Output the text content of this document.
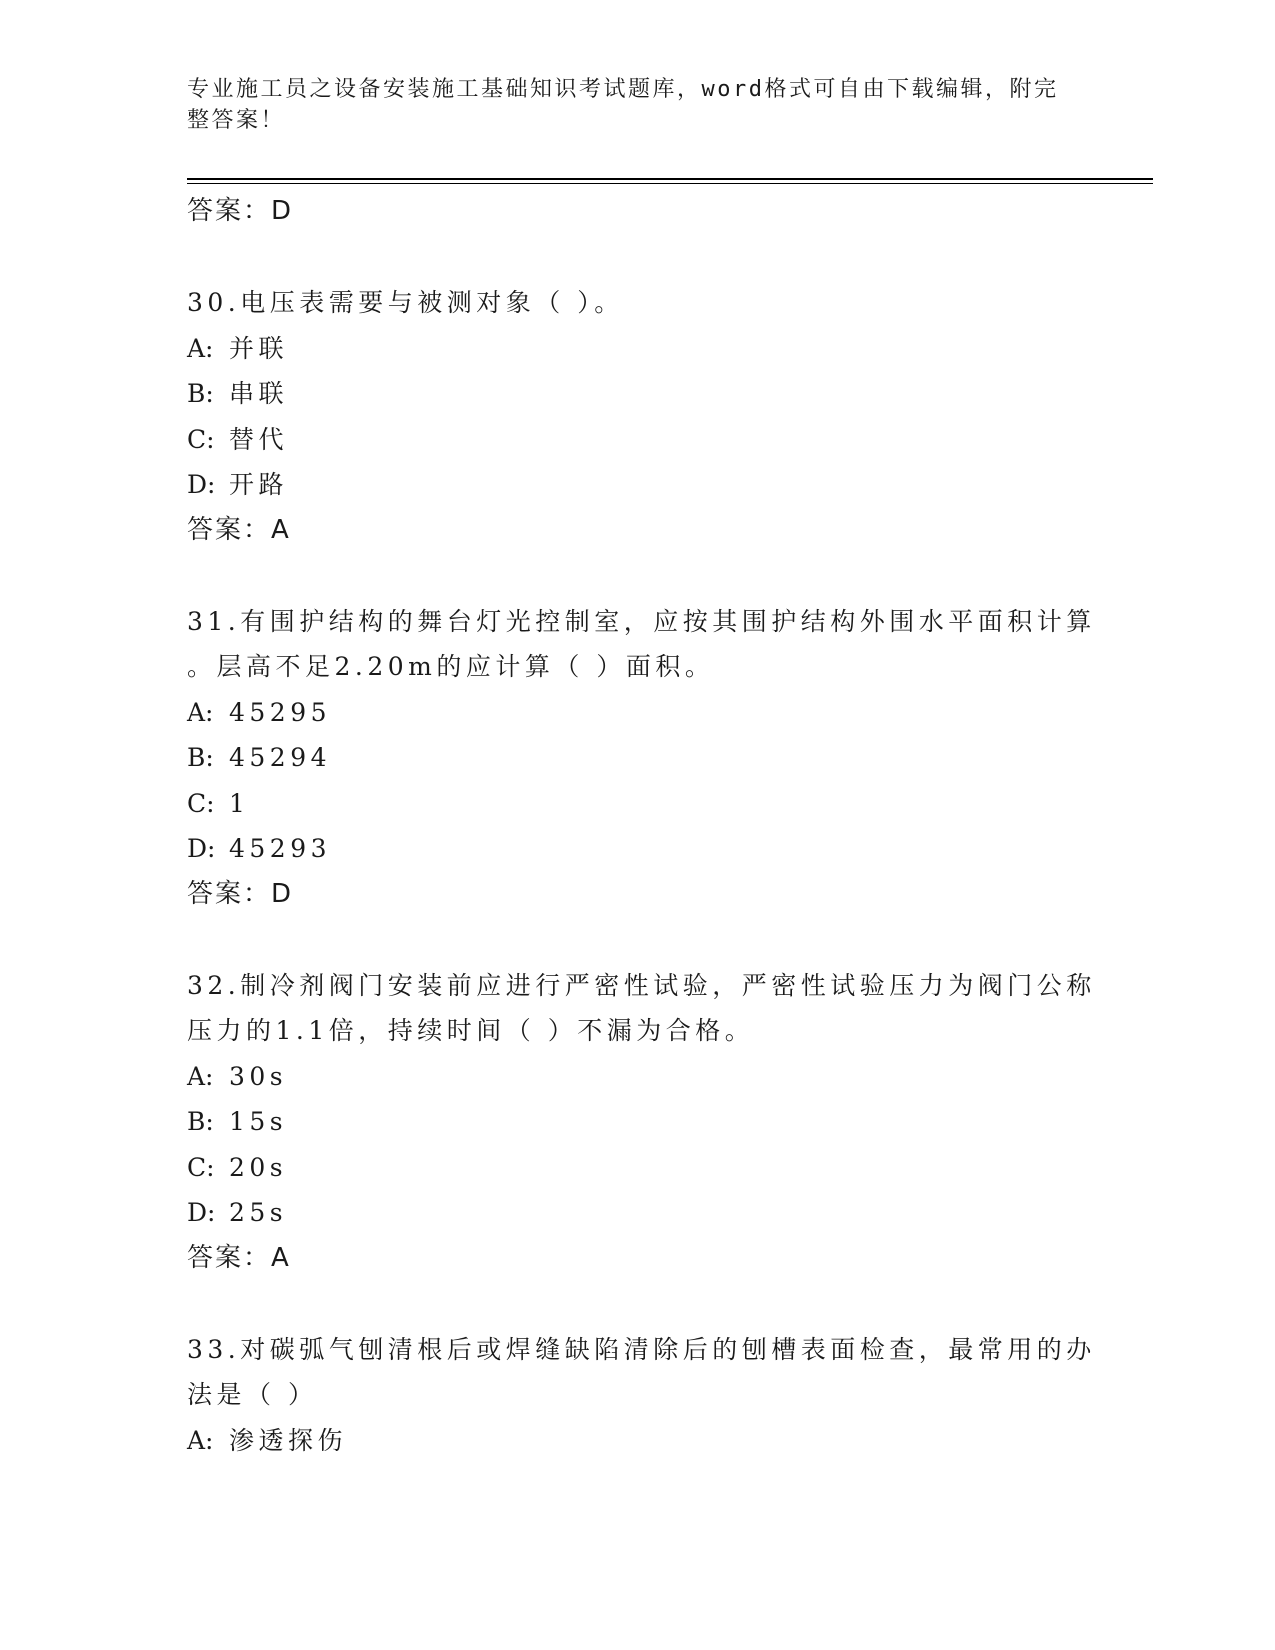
专业施工员之设备安装施工基础知识考试题库，word格式可自由下载编辑，附完
整答案！
答案：D
30.电压表需要与被测对象（ ）。
A: 并联
B: 串联
C: 替代
D: 开路
答案：A
31.有围护结构的舞台灯光控制室，应按其围护结构外围水平面积计算
。层高不足2.20m的应计算（ ）面积。
A: 45295
B: 45294
C: 1
D: 45293
答案：D
32.制冷剂阀门安装前应进行严密性试验，严密性试验压力为阀门公称
压力的1.1倍，持续时间（ ）不漏为合格。
A: 30s
B: 15s
C: 20s
D: 25s
答案：A
33.对碳弧气刨清根后或焊缝缺陷清除后的刨槽表面检查，最常用的办
法是（ ）
A: 渗透探伤
